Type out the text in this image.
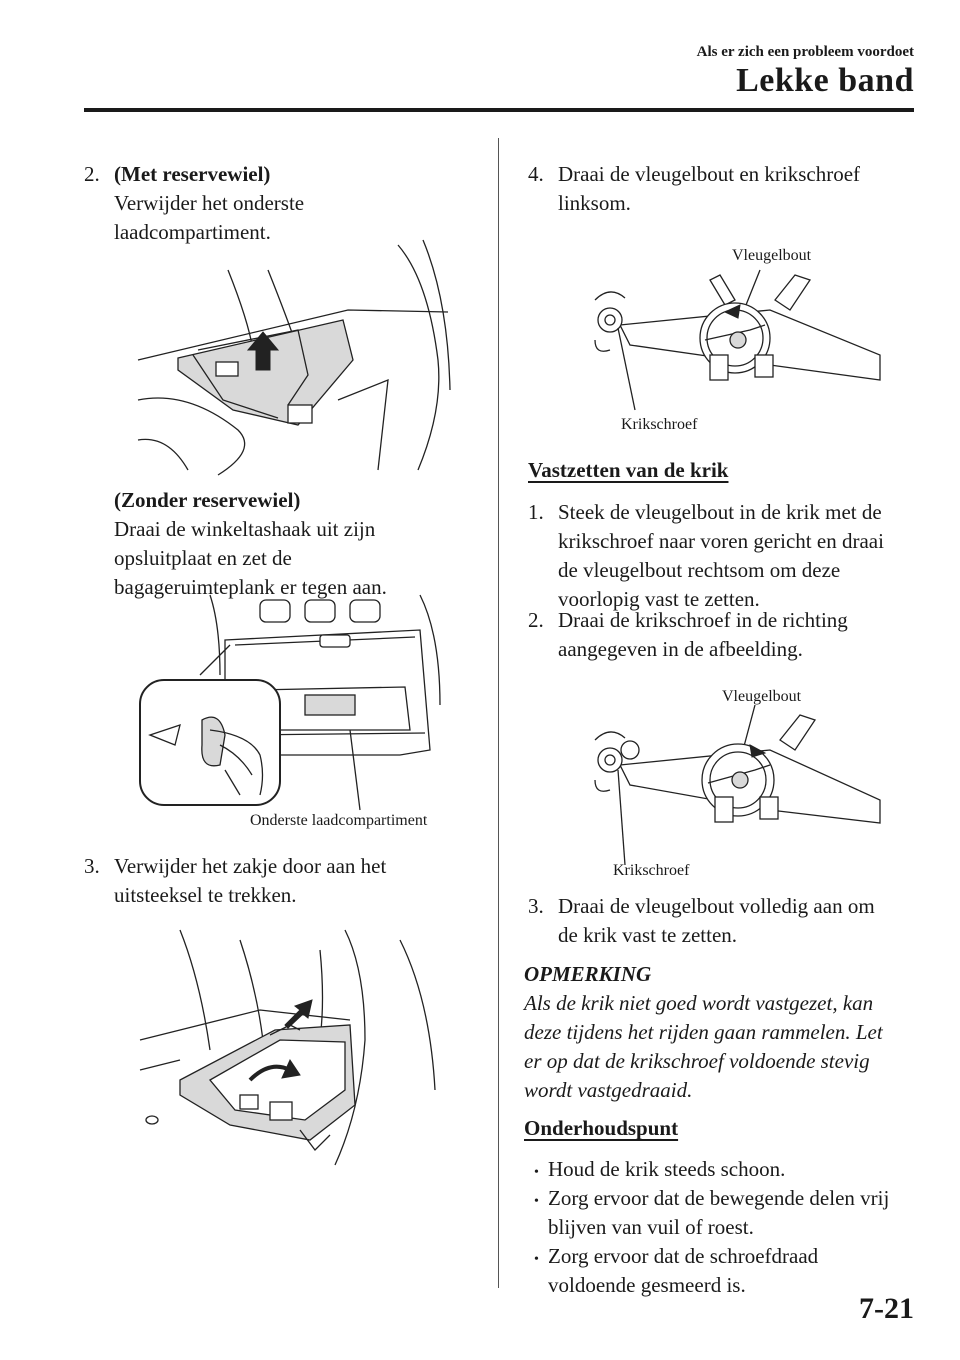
Als er zich een probleem voordoet
Lekke band
2. (Met reservewiel)
Verwijder het onderste
laadcompartiment.
(Zonder reservewiel)
Draai de winkeltashaak uit zijn
opsluitplaat en zet de
bagageruimteplank er tegen aan.
Onderste laadcompartiment
3. Verwijder het zakje door aan het
uitsteeksel te trekken.
4. Draai de vleugelbout en krikschroef
linksom.
Vleugelbout
Krikschroef
Vastzetten van de krik
1. Steek de vleugelbout in de krik met de
krikschroef naar voren gericht en draai
de vleugelbout rechtsom om deze
voorlopig vast te zetten.
2. Draai de krikschroef in de richting
aangegeven in de afbeelding.
Vleugelbout
Krikschroef
3. Draai de vleugelbout volledig aan om
de krik vast te zetten.
OPMERKING
Als de krik niet goed wordt vastgezet, kan
deze tijdens het rijden gaan rammelen. Let
er op dat de krikschroef voldoende stevig
wordt vastgedraaid.
Onderhoudspunt
• Houd de krik steeds schoon.
• Zorg ervoor dat de bewegende delen vrij
blijven van vuil of roest.
• Zorg ervoor dat de schroefdraad
voldoende gesmeerd is.
7-21
